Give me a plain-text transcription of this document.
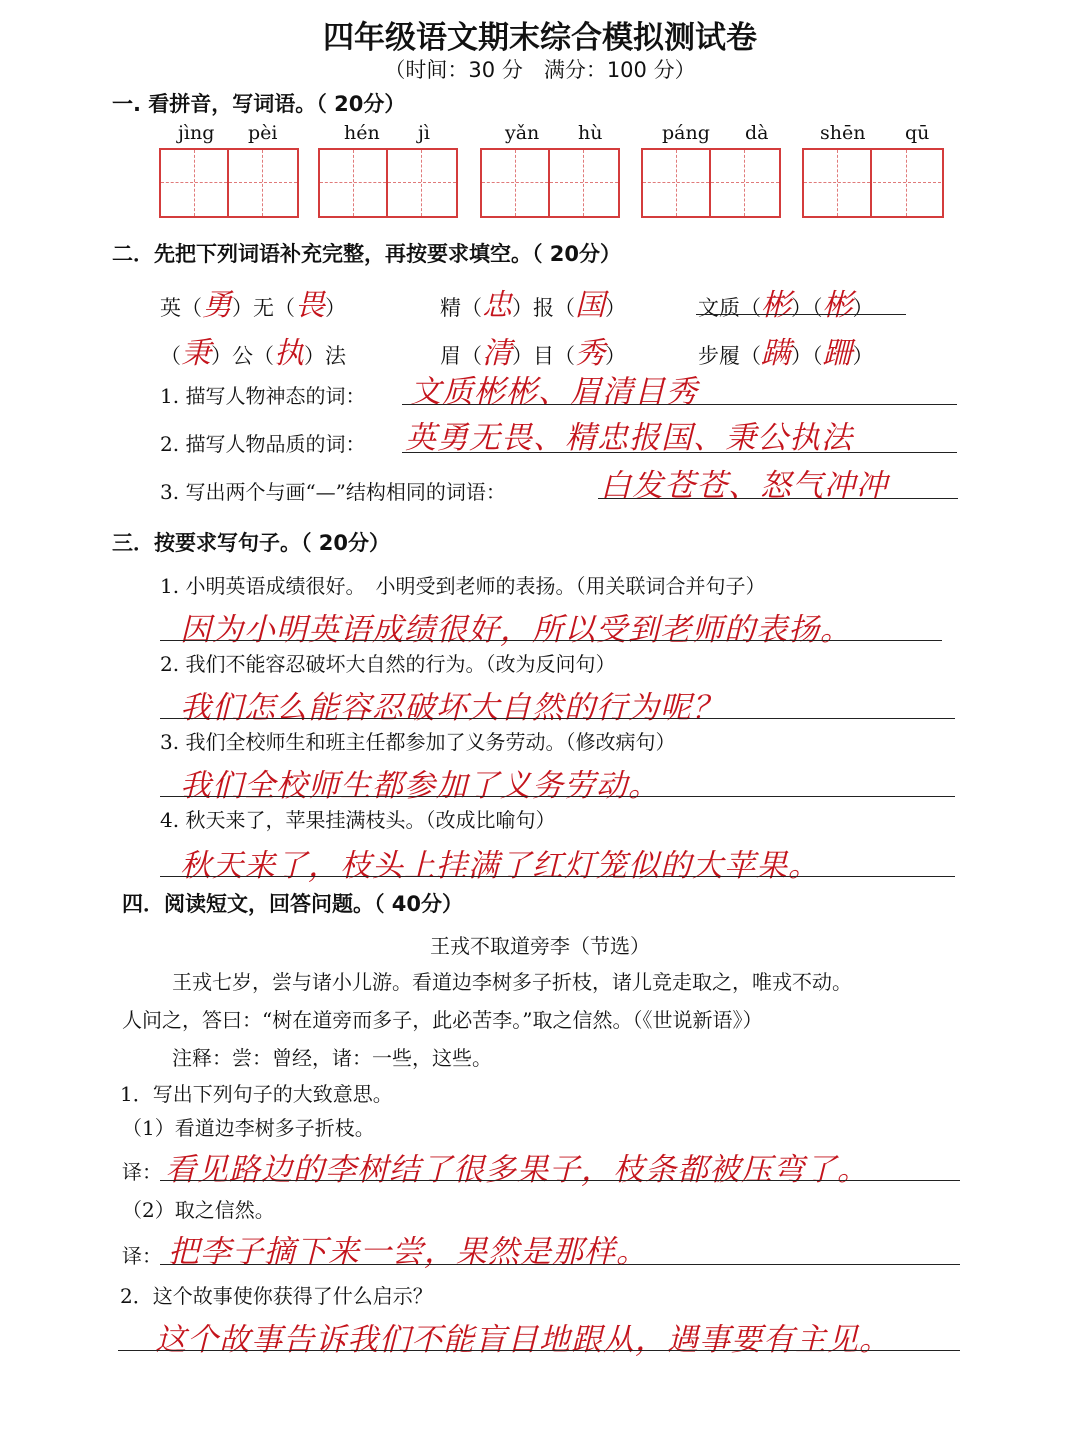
四年级语文期末综合模拟测试卷
（时间：30 分　满分：100 分）
一. 看拼音，写词语。（ 20分）
jìng pèi	hén jì	yǎn hù	páng dà	shēn qū
二．先把下列词语补充完整，再按要求填空。（ 20分）
英（勇）无（畏）	精（忠）报（国）	文质（彬）（彬）
（秉）公（执）法	眉（清）目（秀）	步履（蹒）（跚）
1. 描写人物神态的词： 文质彬彬、眉清目秀
2. 描写人物品质的词： 英勇无畏、精忠报国、秉公执法
3. 写出两个与画“—”结构相同的词语：	白发苍苍、怒气冲冲
三．按要求写句子。（ 20分）
1. 小明英语成绩很好。　小明受到老师的表扬。（用关联词合并句子）
因为小明英语成绩很好，所以受到老师的表扬。
2. 我们不能容忍破坏大自然的行为。（改为反问句）
我们怎么能容忍破坏大自然的行为呢？
3. 我们全校师生和班主任都参加了义务劳动。（修改病句）
我们全校师生都参加了义务劳动。
4. 秋天来了，苹果挂满枝头。（改成比喻句）
秋天来了，枝头上挂满了红灯笼似的大苹果。
四．阅读短文，回答问题。（ 40分）
王戎不取道旁李（节选）
王戎七岁，尝与诸小儿游。看道边李树多子折枝，诸儿竞走取之，唯戎不动。
人问之，答曰：“树在道旁而多子，此必苦李。”取之信然。（《世说新语》）
注释：尝：曾经，诸：一些，这些。
1．写出下列句子的大致意思。
（1）看道边李树多子折枝。
译： 看见路边的李树结了很多果子，枝条都被压弯了。
（2）取之信然。
译： 把李子摘下来一尝，果然是那样。
2．这个故事使你获得了什么启示？
这个故事告诉我们不能盲目地跟从，遇事要有主见。
